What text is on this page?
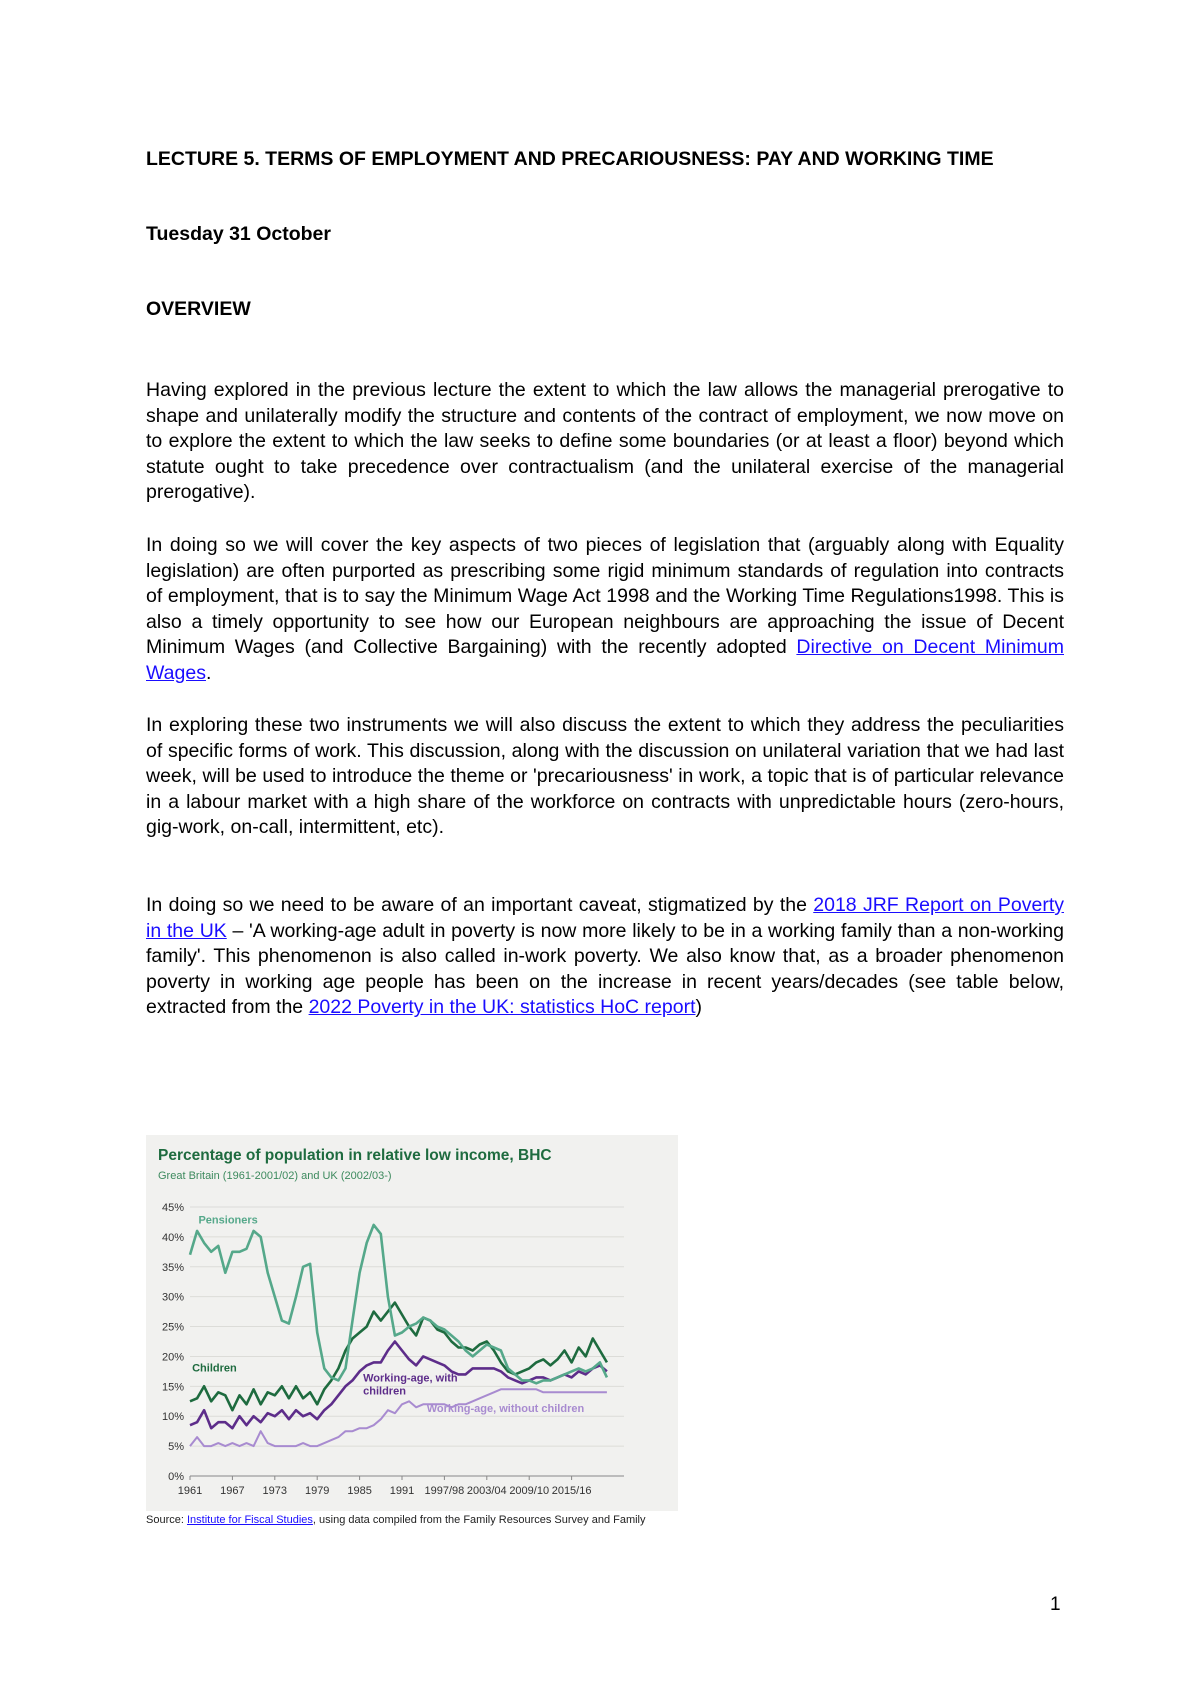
LECTURE 5. TERMS OF EMPLOYMENT AND PRECARIOUSNESS: PAY AND WORKING TIME

Tuesday 31 October

OVERVIEW

Having explored in the previous lecture the extent to which the law allows the managerial prerogative to shape and unilaterally modify the structure and contents of the contract of employment, we now move on to explore the extent to which the law seeks to define some boundaries (or at least a floor) beyond which statute ought to take precedence over contractualism (and the unilateral exercise of the managerial prerogative).

In doing so we will cover the key aspects of two pieces of legislation that (arguably along with Equality legislation) are often purported as prescribing some rigid minimum standards of regulation into contracts of employment, that is to say the Minimum Wage Act 1998 and the Working Time Regulations1998. This is also a timely opportunity to see how our European neighbours are approaching the issue of Decent Minimum Wages (and Collective Bargaining) with the recently adopted Directive on Decent Minimum Wages.

In exploring these two instruments we will also discuss the extent to which they address the peculiarities of specific forms of work. This discussion, along with the discussion on unilateral variation that we had last week, will be used to introduce the theme or 'precariousness' in work, a topic that is of particular relevance in a labour market with a high share of the workforce on contracts with unpredictable hours (zero-hours, gig-work, on-call, intermittent, etc).

In doing so we need to be aware of an important caveat, stigmatized by the 2018 JRF Report on Poverty in the UK – 'A working-age adult in poverty is now more likely to be in a working family than a non-working family'. This phenomenon is also called in-work poverty. We also know that, as a broader phenomenon poverty in working age people has been on the increase in recent years/decades (see table below, extracted from the 2022 Poverty in the UK: statistics HoC report)

Percentage of population in relative low income, BHC
Great Britain (1961-2001/02) and UK (2002/03-)
0%
5%
10%
15%
20%
25%
30%
35%
40%
45%
1961 1967 1973 1979 1985 1991 1997/98 2003/04 2009/10 2015/16
Pensioners
Children
Working-age, with children
Working-age, without children
Source: Institute for Fiscal Studies, using data compiled from the Family Resources Survey and Family
1
